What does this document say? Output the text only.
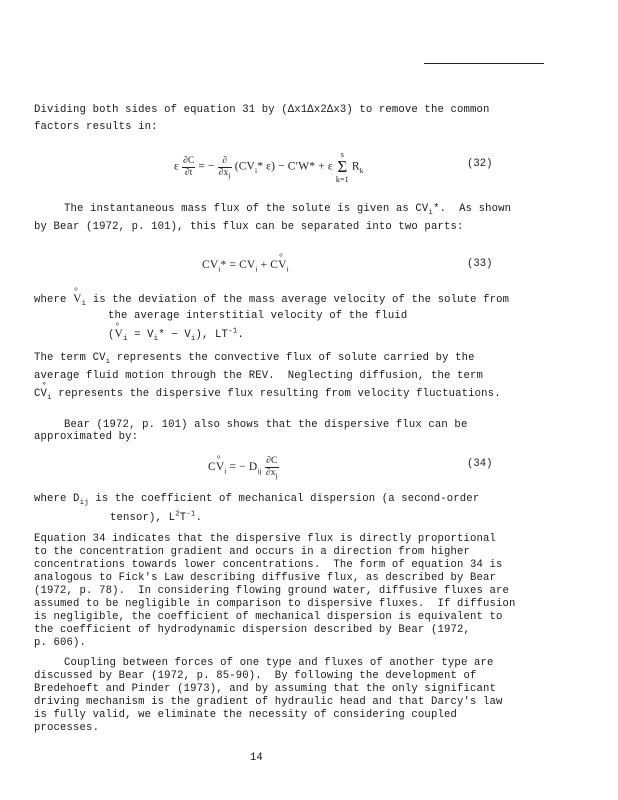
Dividing both sides of equation 31 by (Δx1Δx2Δx3) to remove the common
factors results in:
ε $\frac{\partial C}{\partial t}$ = − $\frac{\partial}{\partial x_j} (CV_i*$ ε) − C′W* + ε s
Σ
k=1 $R_k$
(32)
The instantaneous mass flux of the solute is given as $CV_i*$.  As shown
by Bear (1972, p. 101), this flux can be separated into two parts:
$CV_i* = CV_i + C^\circ$ $V_i$	(33)
where ° $V_i$ is the deviation of the mass average velocity of the solute from
the average interstitial velocity of the fluid
(° $V_i = V_i* - V_i$), $LT^{-1}$.
The term $CV_i$ represents the convective flux of solute carried by the
average fluid motion through the REV.  Neglecting diffusion, the term
C° $V_i$ represents the dispersive flux resulting from velocity fluctuations.
Bear (1972, p. 101) also shows that the dispersive flux can be
approximated by:
C° $V_i$ = − $D_{ij} \frac{\partial C}{\partial x_j}$	(34)
where $D_{ij}$ is the coefficient of mechanical dispersion (a second-order
tensor), $L^2T^{-1}$.
Equation 34 indicates that the dispersive flux is directly proportional
to the concentration gradient and occurs in a direction from higher
concentrations towards lower concentrations.  The form of equation 34 is
analogous to Fick's Law describing diffusive flux, as described by Bear
(1972, p. 78).  In considering flowing ground water, diffusive fluxes are
assumed to be negligible in comparison to dispersive fluxes.  If diffusion
is negligible, the coefficient of mechanical dispersion is equivalent to
the coefficient of hydrodynamic dispersion described by Bear (1972,
p. 606).
Coupling between forces of one type and fluxes of another type are
discussed by Bear (1972, p. 85-90).  By following the development of
Bredehoeft and Pinder (1973), and by assuming that the only significant
driving mechanism is the gradient of hydraulic head and that Darcy's law
is fully valid, we eliminate the necessity of considering coupled
processes.
14
